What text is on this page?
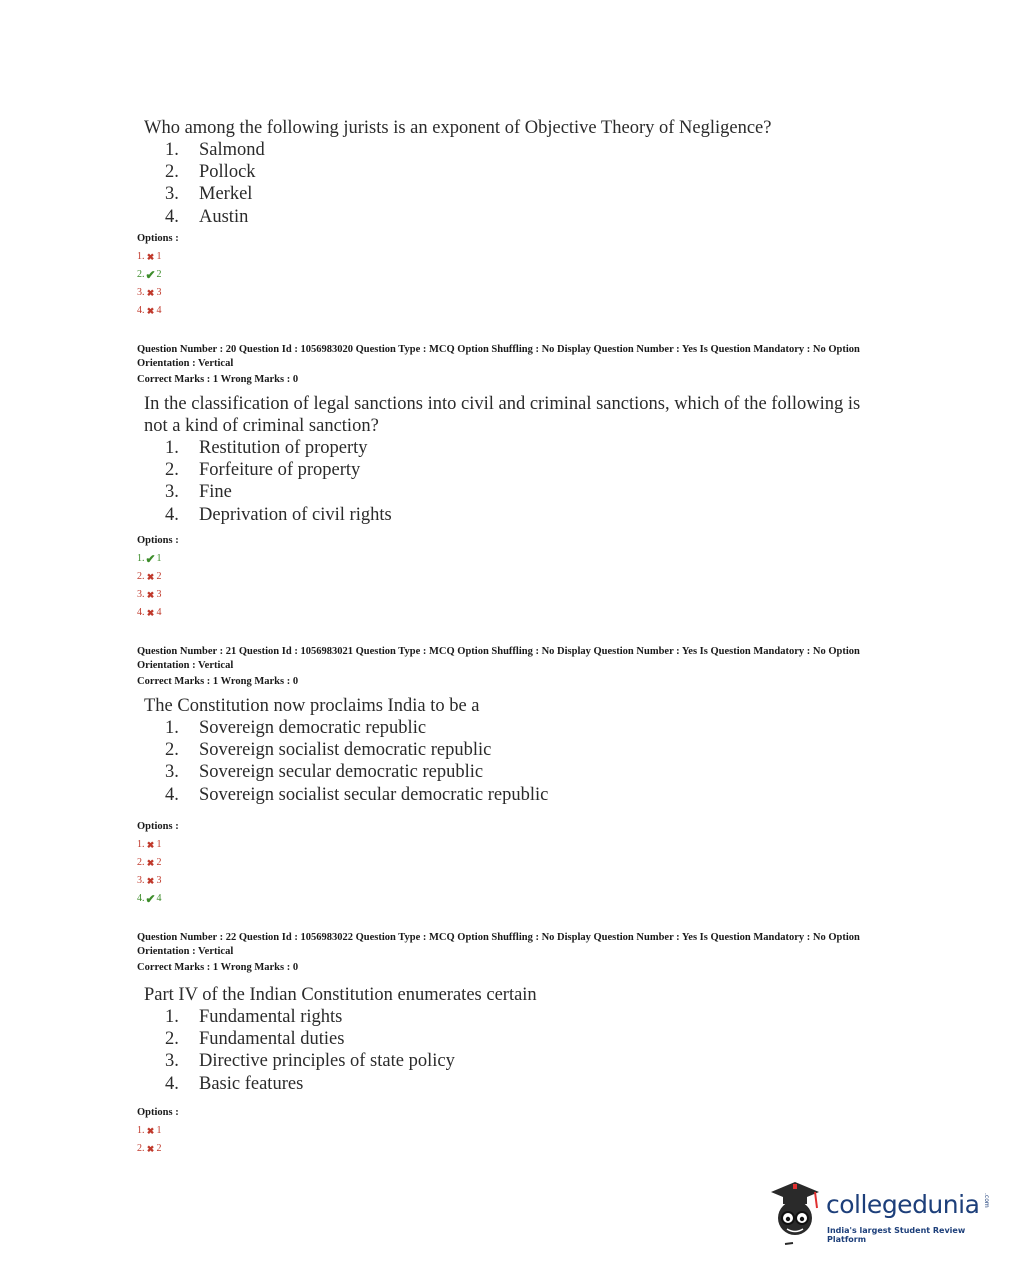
Who among the following jurists is an exponent of Objective Theory of Negligence?
1.	Salmond
2.	Pollock
3.	Merkel
4.	Austin
Options :
1. ✖ 1
2. ✔ 2
3. ✖ 3
4. ✖ 4
Question Number : 20 Question Id : 1056983020 Question Type : MCQ Option Shuffling : No Display Question Number : Yes Is Question Mandatory : No Option Orientation : Vertical
Correct Marks : 1 Wrong Marks : 0
In the classification of legal sanctions into civil and criminal sanctions, which of the following is not a kind of criminal sanction?
1.	Restitution of property
2.	Forfeiture of property
3.	Fine
4.	Deprivation of civil rights
Options :
1. ✔ 1
2. ✖ 2
3. ✖ 3
4. ✖ 4
Question Number : 21 Question Id : 1056983021 Question Type : MCQ Option Shuffling : No Display Question Number : Yes Is Question Mandatory : No Option Orientation : Vertical
Correct Marks : 1 Wrong Marks : 0
The Constitution now proclaims India to be a
1.	Sovereign democratic republic
2.	Sovereign socialist democratic republic
3.	Sovereign secular democratic republic
4.	Sovereign socialist secular democratic republic
Options :
1. ✖ 1
2. ✖ 2
3. ✖ 3
4. ✔ 4
Question Number : 22 Question Id : 1056983022 Question Type : MCQ Option Shuffling : No Display Question Number : Yes Is Question Mandatory : No Option Orientation : Vertical
Correct Marks : 1 Wrong Marks : 0
Part IV of the Indian Constitution enumerates certain
1.	Fundamental rights
2.	Fundamental duties
3.	Directive principles of state policy
4.	Basic features
Options :
1. ✖ 1
2. ✖ 2
collegedunia .com
India's largest Student Review Platform
